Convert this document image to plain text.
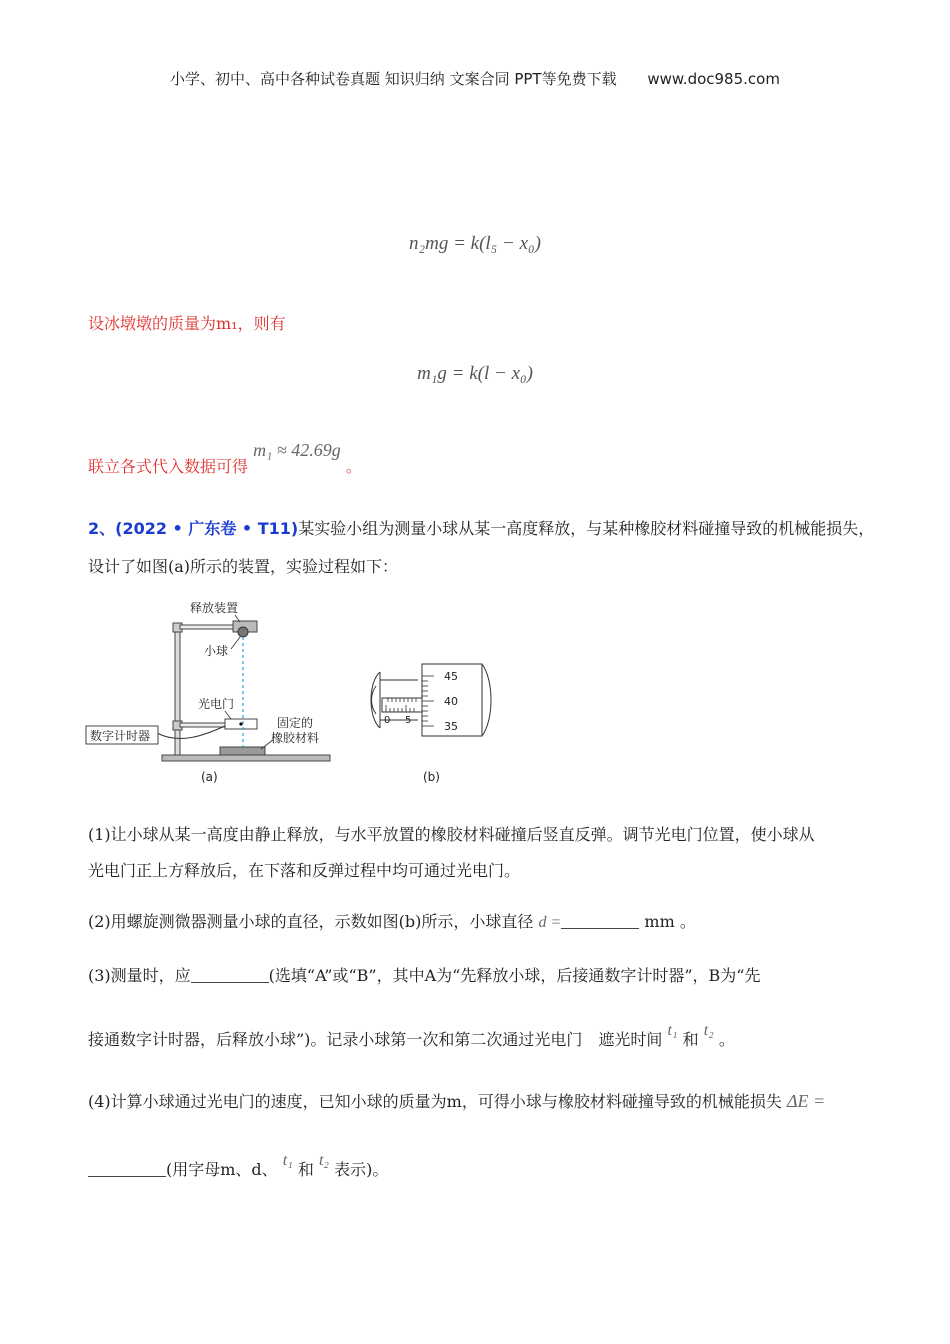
小学、初中、高中各种试卷真题 知识归纳 文案合同 PPT等免费下载 www.doc985.com
n₂mg = k(l₅ − x₀)
设冰墩墩的质量为m₁，则有
m₁g = k(l − x₀)
联立各式代入数据可得 m₁ ≈ 42.69g 。
2、(2022 • 广东卷 • T11)某实验小组为测量小球从某一高度释放，与某种橡胶材料碰撞导致的机械能损失，
设计了如图(a)所示的装置，实验过程如下：
释放装置
小球
光电门
固定的
橡胶材料
数字计时器
(a)
0 5
45
40
35
(b)
(1)让小球从某一高度由静止释放，与水平放置的橡胶材料碰撞后竖直反弹。调节光电门位置，使小球从
光电门正上方释放后，在下落和反弹过程中均可通过光电门。
(2)用螺旋测微器测量小球的直径，示数如图(b)所示，小球直径 d =	mm 。
(3)测量时，应	(选填“A”或“B”，其中A为“先释放小球，后接通数字计时器”，B为“先
接通数字计时器，后释放小球”)。记录小球第一次和第二次通过光电门　遮光时间 t₁ 和 t₂ 。
(4)计算小球通过光电门的速度，已知小球的质量为m，可得小球与橡胶材料碰撞导致的机械能损失 ΔE =
(用字母m、d、 t₁ 和 t₂ 表示)。
